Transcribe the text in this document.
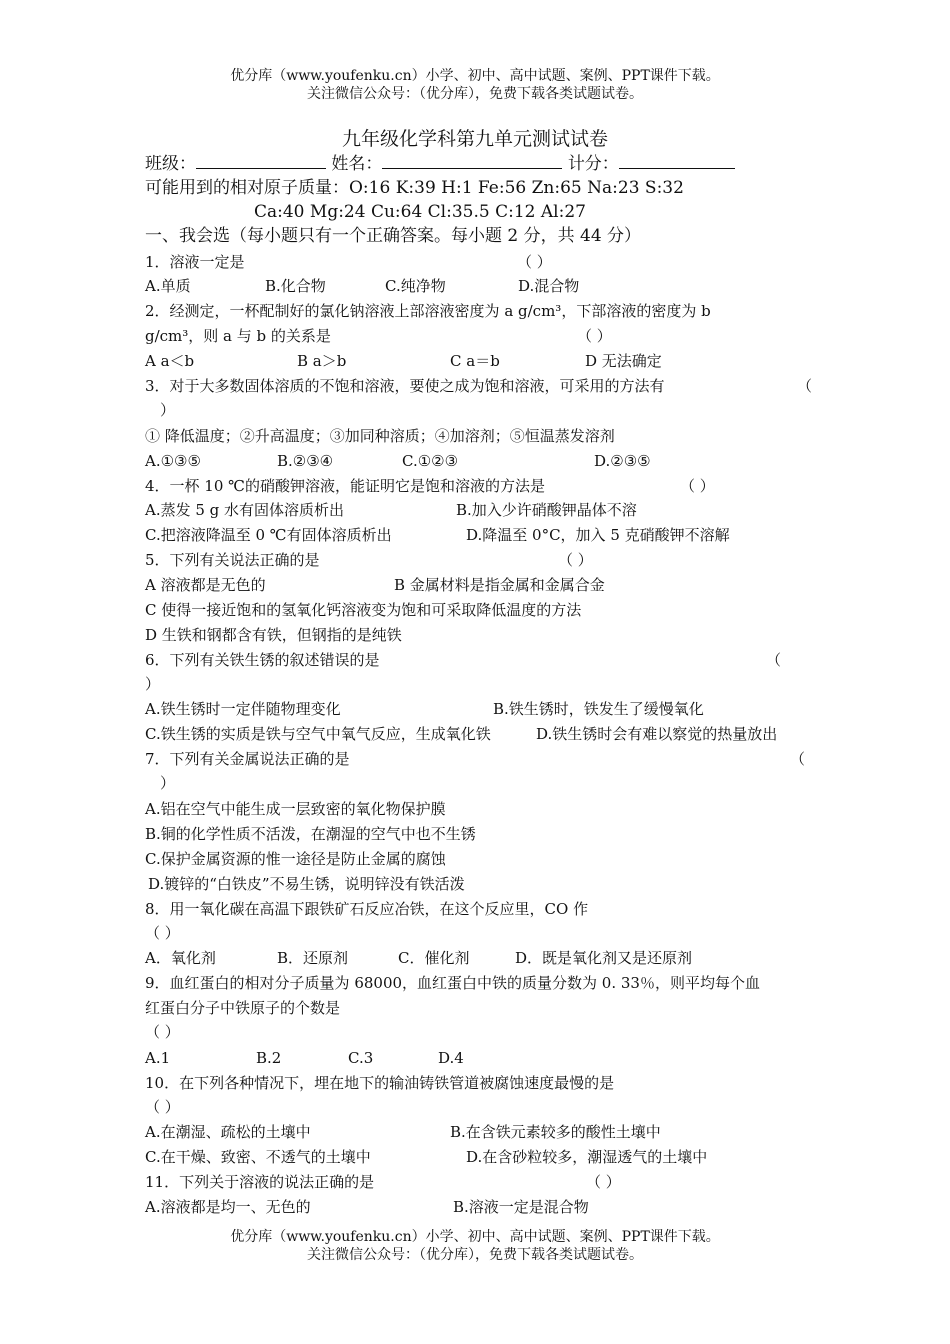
优分库（www.youfenku.cn）小学、初中、高中试题、案例、PPT课件下载。
关注微信公众号：（优分库），免费下载各类试题试卷。
九年级化学科第九单元测试试卷
班级：	姓名：	计分：
可能用到的相对原子质量：O:16 K:39 H:1 Fe:56 Zn:65 Na:23 S:32
Ca:40 Mg:24 Cu:64 Cl:35.5 C:12 Al:27
一、我会选（每小题只有一个正确答案。每小题 2 分，共 44 分）
1．溶液一定是	（ ）
A.单质	B.化合物	C.纯净物	D.混合物
2．经测定，一杯配制好的氯化钠溶液上部溶液密度为 a g/cm³，下部溶液的密度为 b
g/cm³，则 a 与 b 的关系是	（ ）
A a＜b	B a＞b	C a＝b	D 无法确定
3．对于大多数固体溶质的不饱和溶液，要使之成为饱和溶液，可采用的方法有	（
）
① 降低温度；②升高温度；③加同种溶质；④加溶剂；⑤恒温蒸发溶剂
A.①③⑤	B.②③④	C.①②③	D.②③⑤
4．一杯 10 ℃的硝酸钾溶液，能证明它是饱和溶液的方法是	（ ）
A.蒸发 5 g 水有固体溶质析出	B.加入少许硝酸钾晶体不溶
C.把溶液降温至 0 ℃有固体溶质析出	D.降温至 0°C，加入 5 克硝酸钾不溶解
5．下列有关说法正确的是	（ ）
A 溶液都是无色的	B 金属材料是指金属和金属合金
C 使得一接近饱和的氢氧化钙溶液变为饱和可采取降低温度的方法
D 生铁和钢都含有铁，但钢指的是纯铁
6．下列有关铁生锈的叙述错误的是	（
）
A.铁生锈时一定伴随物理变化	B.铁生锈时，铁发生了缓慢氧化
C.铁生锈的实质是铁与空气中氧气反应，生成氧化铁	D.铁生锈时会有难以察觉的热量放出
7．下列有关金属说法正确的是	（
）
A.铝在空气中能生成一层致密的氧化物保护膜
B.铜的化学性质不活泼，在潮湿的空气中也不生锈
C.保护金属资源的惟一途径是防止金属的腐蚀
D.镀锌的“白铁皮”不易生锈，说明锌没有铁活泼
8．用一氧化碳在高温下跟铁矿石反应冶铁，在这个反应里，CO 作
（ ）
A．氧化剂	B．还原剂	C．催化剂	D．既是氧化剂又是还原剂
9．血红蛋白的相对分子质量为 68000，血红蛋白中铁的质量分数为 0. 33％，则平均每个血
红蛋白分子中铁原子的个数是
（ ）
A.1	B.2	C.3	D.4
10．在下列各种情况下，埋在地下的输油铸铁管道被腐蚀速度最慢的是
（ ）
A.在潮湿、疏松的土壤中	B.在含铁元素较多的酸性土壤中
C.在干燥、致密、不透气的土壤中	D.在含砂粒较多，潮湿透气的土壤中
11．下列关于溶液的说法正确的是	（ ）
A.溶液都是均一、无色的	B.溶液一定是混合物
优分库（www.youfenku.cn）小学、初中、高中试题、案例、PPT课件下载。
关注微信公众号：（优分库），免费下载各类试题试卷。
